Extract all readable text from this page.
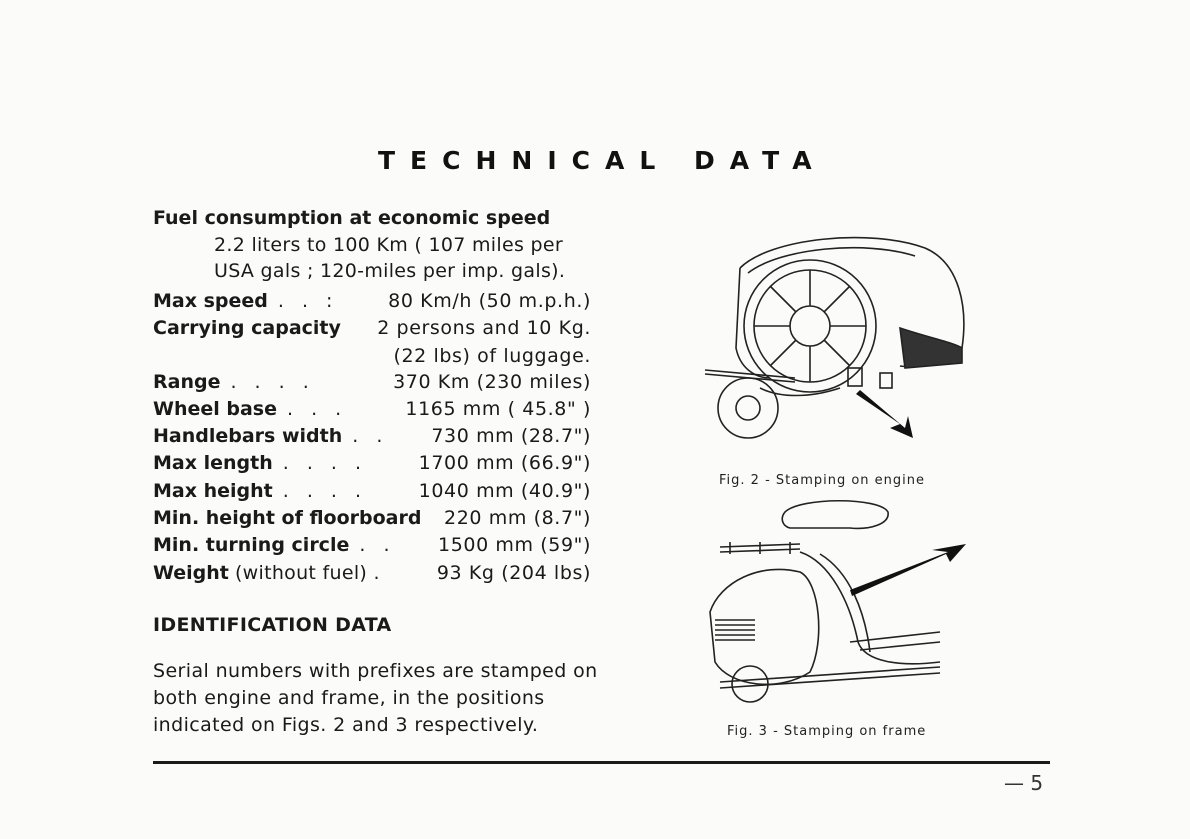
TECHNICAL DATA
Fuel consumption at economic speed
2.2 liters to 100 Km ( 107 miles per
USA gals ; 120-miles per imp. gals).
Max speed . . :	80 Km/h (50 m.p.h.)
Carrying capacity 2 persons and 10 Kg.
(22 lbs) of luggage.
Range . . . .	370 Km (230 miles)
Wheel base . . .	1165 mm ( 45.8" )
Handlebars width . . 730 mm (28.7")
Max length . . . .	1700 mm (66.9")
Max height . . . .	1040 mm (40.9")
Min. height of floorboard 220 mm (8.7")
Min. turning circle . . 1500 mm (59")
Weight (without fuel) .	93 Kg (204 lbs)
IDENTIFICATION DATA
Serial numbers with prefixes are stamped on both engine and frame, in the positions indicated on Figs. 2 and 3 respectively.
Fig. 2 - Stamping on engine
Fig. 3 - Stamping on frame
— 5
